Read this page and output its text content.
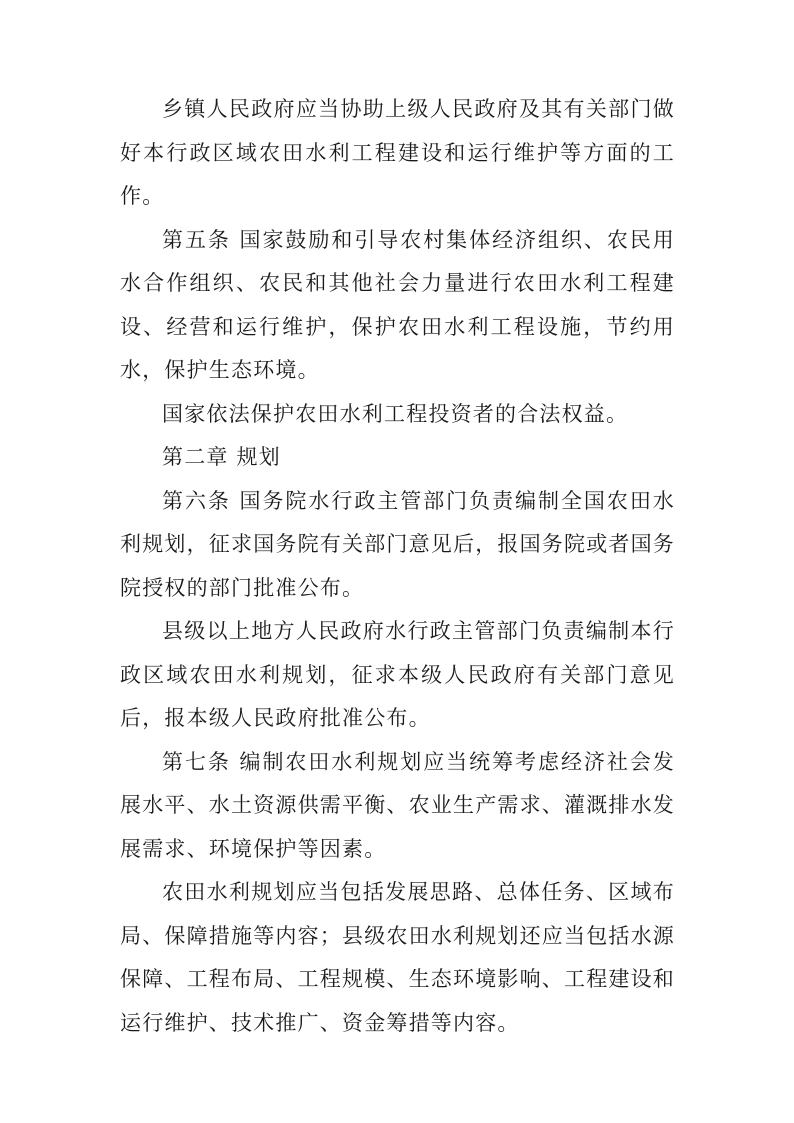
乡镇人民政府应当协助上级人民政府及其有关部门做好本行政区域农田水利工程建设和运行维护等方面的工作。

第五条 国家鼓励和引导农村集体经济组织、农民用水合作组织、农民和其他社会力量进行农田水利工程建设、经营和运行维护，保护农田水利工程设施，节约用水，保护生态环境。

国家依法保护农田水利工程投资者的合法权益。

第二章 规划

第六条 国务院水行政主管部门负责编制全国农田水利规划，征求国务院有关部门意见后，报国务院或者国务院授权的部门批准公布。

县级以上地方人民政府水行政主管部门负责编制本行政区域农田水利规划，征求本级人民政府有关部门意见后，报本级人民政府批准公布。

第七条 编制农田水利规划应当统筹考虑经济社会发展水平、水土资源供需平衡、农业生产需求、灌溉排水发展需求、环境保护等因素。

农田水利规划应当包括发展思路、总体任务、区域布局、保障措施等内容；县级农田水利规划还应当包括水源保障、工程布局、工程规模、生态环境影响、工程建设和运行维护、技术推广、资金筹措等内容。
